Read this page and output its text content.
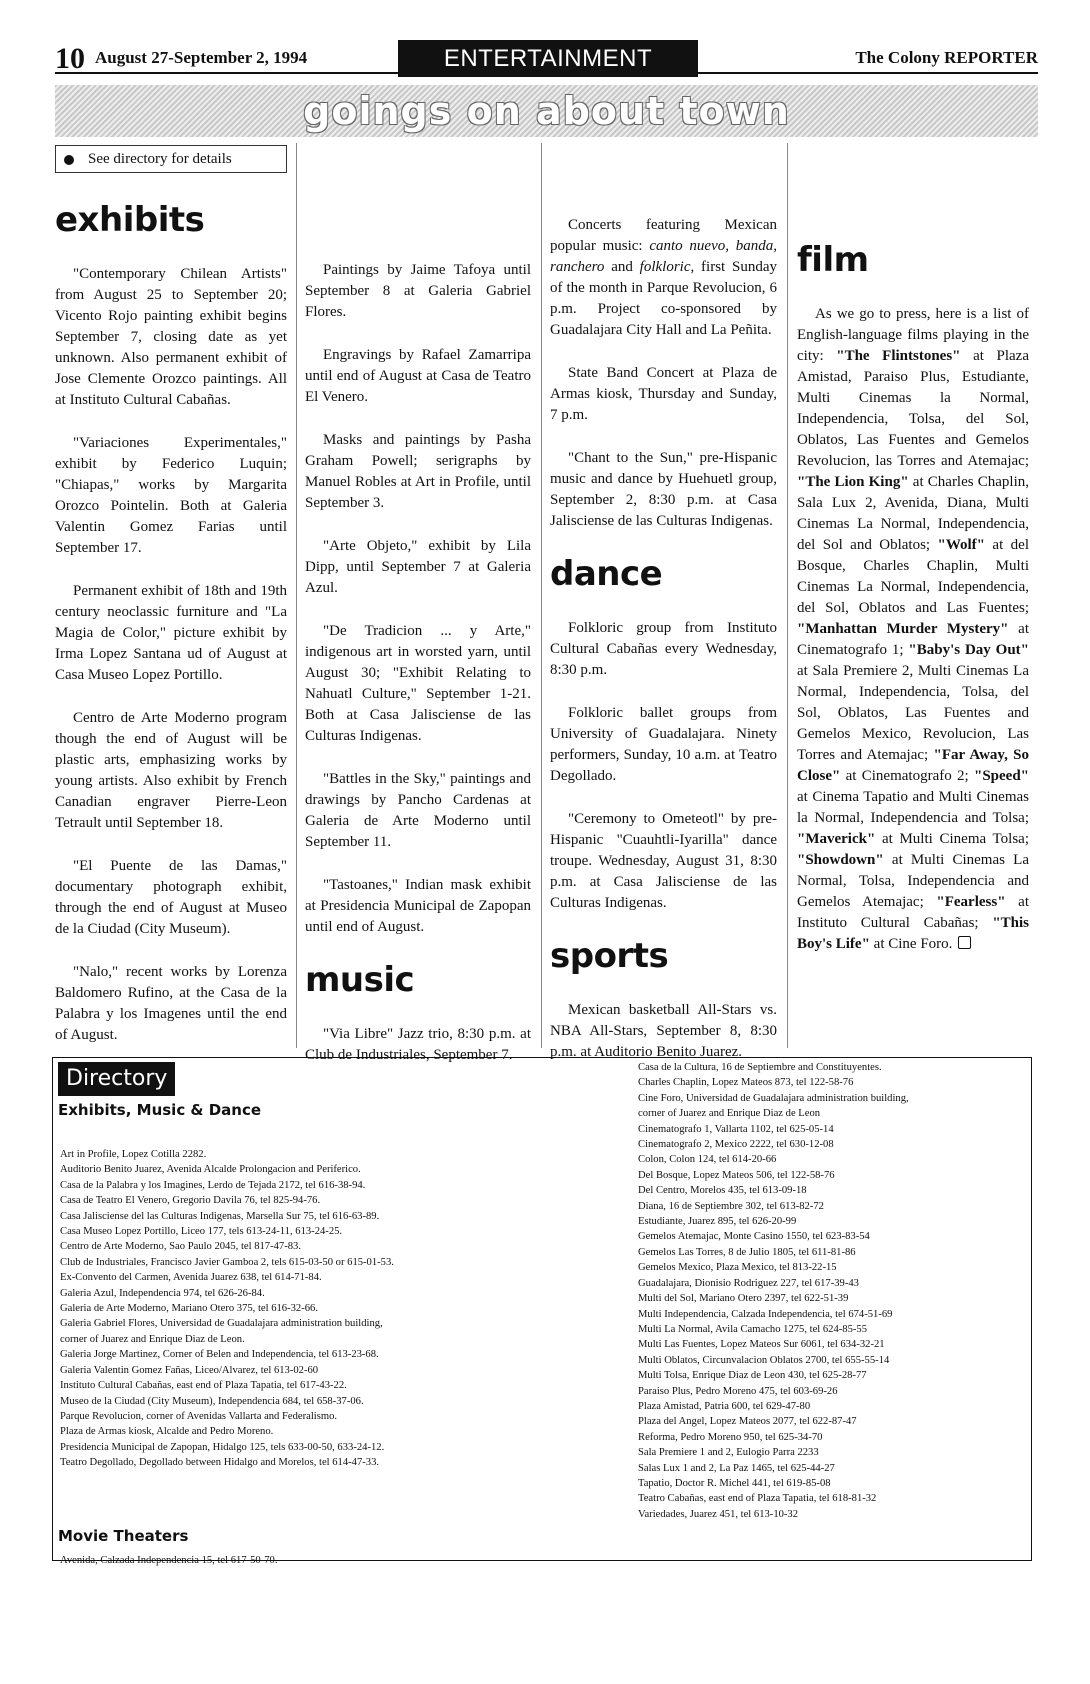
10 August 27-September 2, 1994	ENTERTAINMENT	The Colony REPORTER
goings on about town
See directory for details
exhibits

"Contemporary Chilean Artists" from August 25 to September 20; Vicento Rojo painting exhibit begins September 7, closing date as yet unknown. Also permanent exhibit of Jose Clemente Orozco paintings. All at Instituto Cultural Cabañas.

"Variaciones Experimentales," exhibit by Federico Luquin; "Chiapas," works by Margarita Orozco Pointelin. Both at Galeria Valentin Gomez Farias until September 17.

Permanent exhibit of 18th and 19th century neoclassic furniture and "La Magia de Color," picture exhibit by Irma Lopez Santana ud of August at Casa Museo Lopez Portillo.

Centro de Arte Moderno program though the end of August will be plastic arts, emphasizing works by young artists. Also exhibit by French Canadian engraver Pierre-Leon Tetrault until September 18.

"El Puente de las Damas," documentary photograph exhibit, through the end of August at Museo de la Ciudad (City Museum).

"Nalo," recent works by Lorenza Baldomero Rufino, at the Casa de la Palabra y los Imagenes until the end of August.

Paintings by Jaime Tafoya until September 8 at Galeria Gabriel Flores.

Engravings by Rafael Zamarripa until end of August at Casa de Teatro El Venero.

Masks and paintings by Pasha Graham Powell; serigraphs by Manuel Robles at Art in Profile, until September 3.

"Arte Objeto," exhibit by Lila Dipp, until September 7 at Galeria Azul.

"De Tradicion ... y Arte," indigenous art in worsted yarn, until August 30; "Exhibit Relating to Nahuatl Culture," September 1-21. Both at Casa Jalisciense de las Culturas Indigenas.

"Battles in the Sky," paintings and drawings by Pancho Cardenas at Galeria de Arte Moderno until September 11.

"Tastoanes," Indian mask exhibit at Presidencia Municipal de Zapopan until end of August.

music

"Via Libre" Jazz trio, 8:30 p.m. at Club de Industriales, September 7.

Concerts featuring Mexican popular music: canto nuevo, banda, ranchero and folkloric, first Sunday of the month in Parque Revolucion, 6 p.m. Project co-sponsored by Guadalajara City Hall and La Peñita.

State Band Concert at Plaza de Armas kiosk, Thursday and Sunday, 7 p.m.

"Chant to the Sun," pre-Hispanic music and dance by Huehuetl group, September 2, 8:30 p.m. at Casa Jalisciense de las Culturas Indigenas.

dance

Folkloric group from Instituto Cultural Cabañas every Wednesday, 8:30 p.m.

Folkloric ballet groups from University of Guadalajara. Ninety performers, Sunday, 10 a.m. at Teatro Degollado.

"Ceremony to Ometeotl" by pre-Hispanic "Cuauhtli-Iyarilla" dance troupe. Wednesday, August 31, 8:30 p.m. at Casa Jalisciense de las Culturas Indigenas.

sports

Mexican basketball All-Stars vs. NBA All-Stars, September 8, 8:30 p.m. at Auditorio Benito Juarez.

film

As we go to press, here is a list of English-language films playing in the city: "The Flintstones" at Plaza Amistad, Paraiso Plus, Estudiante, Multi Cinemas la Normal, Independencia, Tolsa, del Sol, Oblatos, Las Fuentes and Gemelos Revolucion, las Torres and Atemajac; "The Lion King" at Charles Chaplin, Sala Lux 2, Avenida, Diana, Multi Cinemas La Normal, Independencia, del Sol and Oblatos; "Wolf" at del Bosque, Charles Chaplin, Multi Cinemas La Normal, Independencia, del Sol, Oblatos and Las Fuentes; "Manhattan Murder Mystery" at Cinematografo 1; "Baby's Day Out" at Sala Premiere 2, Multi Cinemas La Normal, Independencia, Tolsa, del Sol, Oblatos, Las Fuentes and Gemelos Mexico, Revolucion, Las Torres and Atemajac; "Far Away, So Close" at Cinematografo 2; "Speed" at Cinema Tapatio and Multi Cinemas la Normal, Independencia and Tolsa; "Maverick" at Multi Cinema Tolsa; "Showdown" at Multi Cinemas La Normal, Tolsa, Independencia and Gemelos Atemajac; "Fearless" at Instituto Cultural Cabañas; "This Boy's Life" at Cine Foro.

Directory
Exhibits, Music & Dance
Art in Profile, Lopez Cotilla 2282.
Auditorio Benito Juarez, Avenida Alcalde Prolongacion and Periferico.
Casa de la Palabra y los Imagines, Lerdo de Tejada 2172, tel 616-38-94.
Casa de Teatro El Venero, Gregorio Davila 76, tel 825-94-76.
Casa Jalisciense del las Culturas Indigenas, Marsella Sur 75, tel 616-63-89.
Casa Museo Lopez Portillo, Liceo 177, tels 613-24-11, 613-24-25.
Centro de Arte Moderno, Sao Paulo 2045, tel 817-47-83.
Club de Industriales, Francisco Javier Gamboa 2, tels 615-03-50 or 615-01-53.
Ex-Convento del Carmen, Avenida Juarez 638, tel 614-71-84.
Galeria Azul, Independencia 974, tel 626-26-84.
Galeria de Arte Moderno, Mariano Otero 375, tel 616-32-66.
Galeria Gabriel Flores, Universidad de Guadalajara administration building,
corner of Juarez and Enrique Diaz de Leon.
Galeria Jorge Martinez, Corner of Belen and Independencia, tel 613-23-68.
Galeria Valentin Gomez Fañas, Liceo/Alvarez, tel 613-02-60
Instituto Cultural Cabañas, east end of Plaza Tapatia, tel 617-43-22.
Museo de la Ciudad (City Museum), Independencia 684, tel 658-37-06.
Parque Revolucion, corner of Avenidas Vallarta and Federalismo.
Plaza de Armas kiosk, Alcalde and Pedro Moreno.
Presidencia Municipal de Zapopan, Hidalgo 125, tels 633-00-50, 633-24-12.
Teatro Degollado, Degollado between Hidalgo and Morelos, tel 614-47-33.
Movie Theaters
Avenida, Calzada Independencia 15, tel 617-50-70.
Casa de la Cultura, 16 de Septiembre and Constituyentes.
Charles Chaplin, Lopez Mateos 873, tel 122-58-76
Cine Foro, Universidad de Guadalajara administration building,
corner of Juarez and Enrique Diaz de Leon
Cinematografo 1, Vallarta 1102, tel 625-05-14
Cinematografo 2, Mexico 2222, tel 630-12-08
Colon, Colon 124, tel 614-20-66
Del Bosque, Lopez Mateos 506, tel 122-58-76
Del Centro, Morelos 435, tel 613-09-18
Diana, 16 de Septiembre 302, tel 613-82-72
Estudiante, Juarez 895, tel 626-20-99
Gemelos Atemajac, Monte Casino 1550, tel 623-83-54
Gemelos Las Torres, 8 de Julio 1805, tel 611-81-86
Gemelos Mexico, Plaza Mexico, tel 813-22-15
Guadalajara, Dionisio Rodriguez 227, tel 617-39-43
Multi del Sol, Mariano Otero 2397, tel 622-51-39
Multi Independencia, Calzada Independencia, tel 674-51-69
Multi La Normal, Avila Camacho 1275, tel 624-85-55
Multi Las Fuentes, Lopez Mateos Sur 6061, tel 634-32-21
Multi Oblatos, Circunvalacion Oblatos 2700, tel 655-55-14
Multi Tolsa, Enrique Diaz de Leon 430, tel 625-28-77
Paraiso Plus, Pedro Moreno 475, tel 603-69-26
Plaza Amistad, Patria 600, tel 629-47-80
Plaza del Angel, Lopez Mateos 2077, tel 622-87-47
Reforma, Pedro Moreno 950, tel 625-34-70
Sala Premiere 1 and 2, Eulogio Parra 2233
Salas Lux 1 and 2, La Paz 1465, tel 625-44-27
Tapatio, Doctor R. Michel 441, tel 619-85-08
Teatro Cabañas, east end of Plaza Tapatia, tel 618-81-32
Variedades, Juarez 451, tel 613-10-32
